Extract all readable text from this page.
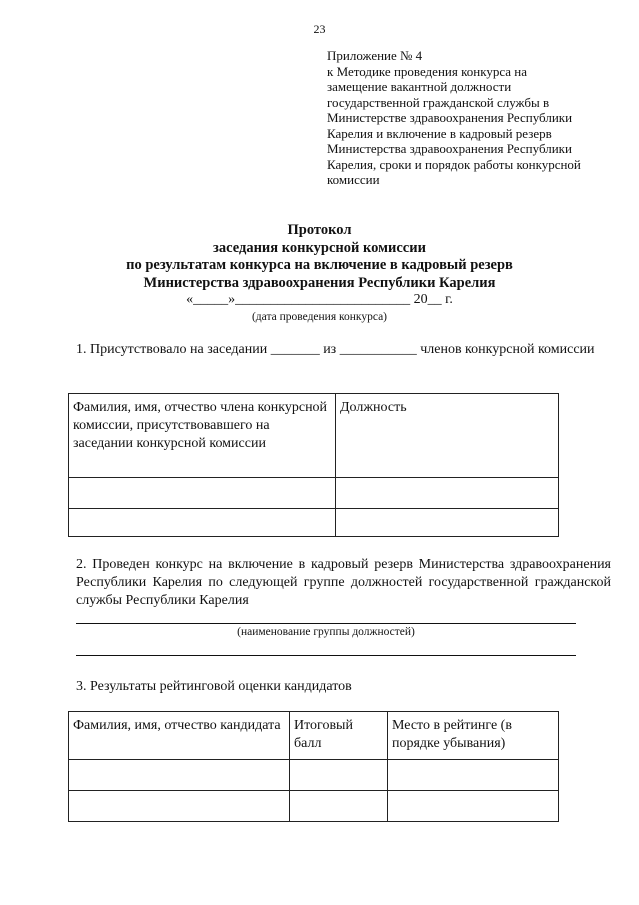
23
Приложение № 4
к Методике проведения конкурса на
замещение вакантной должности
государственной гражданской службы в
Министерстве здравоохранения Республики
Карелия и включение в кадровый резерв
Министерства здравоохранения Республики
Карелия, сроки и порядок работы конкурсной
комиссии
Протокол
заседания конкурсной комиссии
по результатам конкурса на включение в кадровый резерв
Министерства здравоохранения Республики Карелия
«_____»_________________________ 20__ г.
(дата проведения конкурса)
1. Присутствовало на заседании _______ из ___________ членов конкурсной комиссии
Фамилия, имя, отчество члена конкурсной комиссии, присутствовавшего на заседании конкурсной комиссии	Должность

2. Проведен конкурс на включение в кадровый резерв Министерства здравоохранения Республики Карелия по следующей группе должностей государственной гражданской службы Республики Карелия
(наименование группы должностей)
3. Результаты рейтинговой оценки кандидатов
Фамилия, имя, отчество кандидата	Итоговый балл	Место в рейтинге (в порядке убывания)
